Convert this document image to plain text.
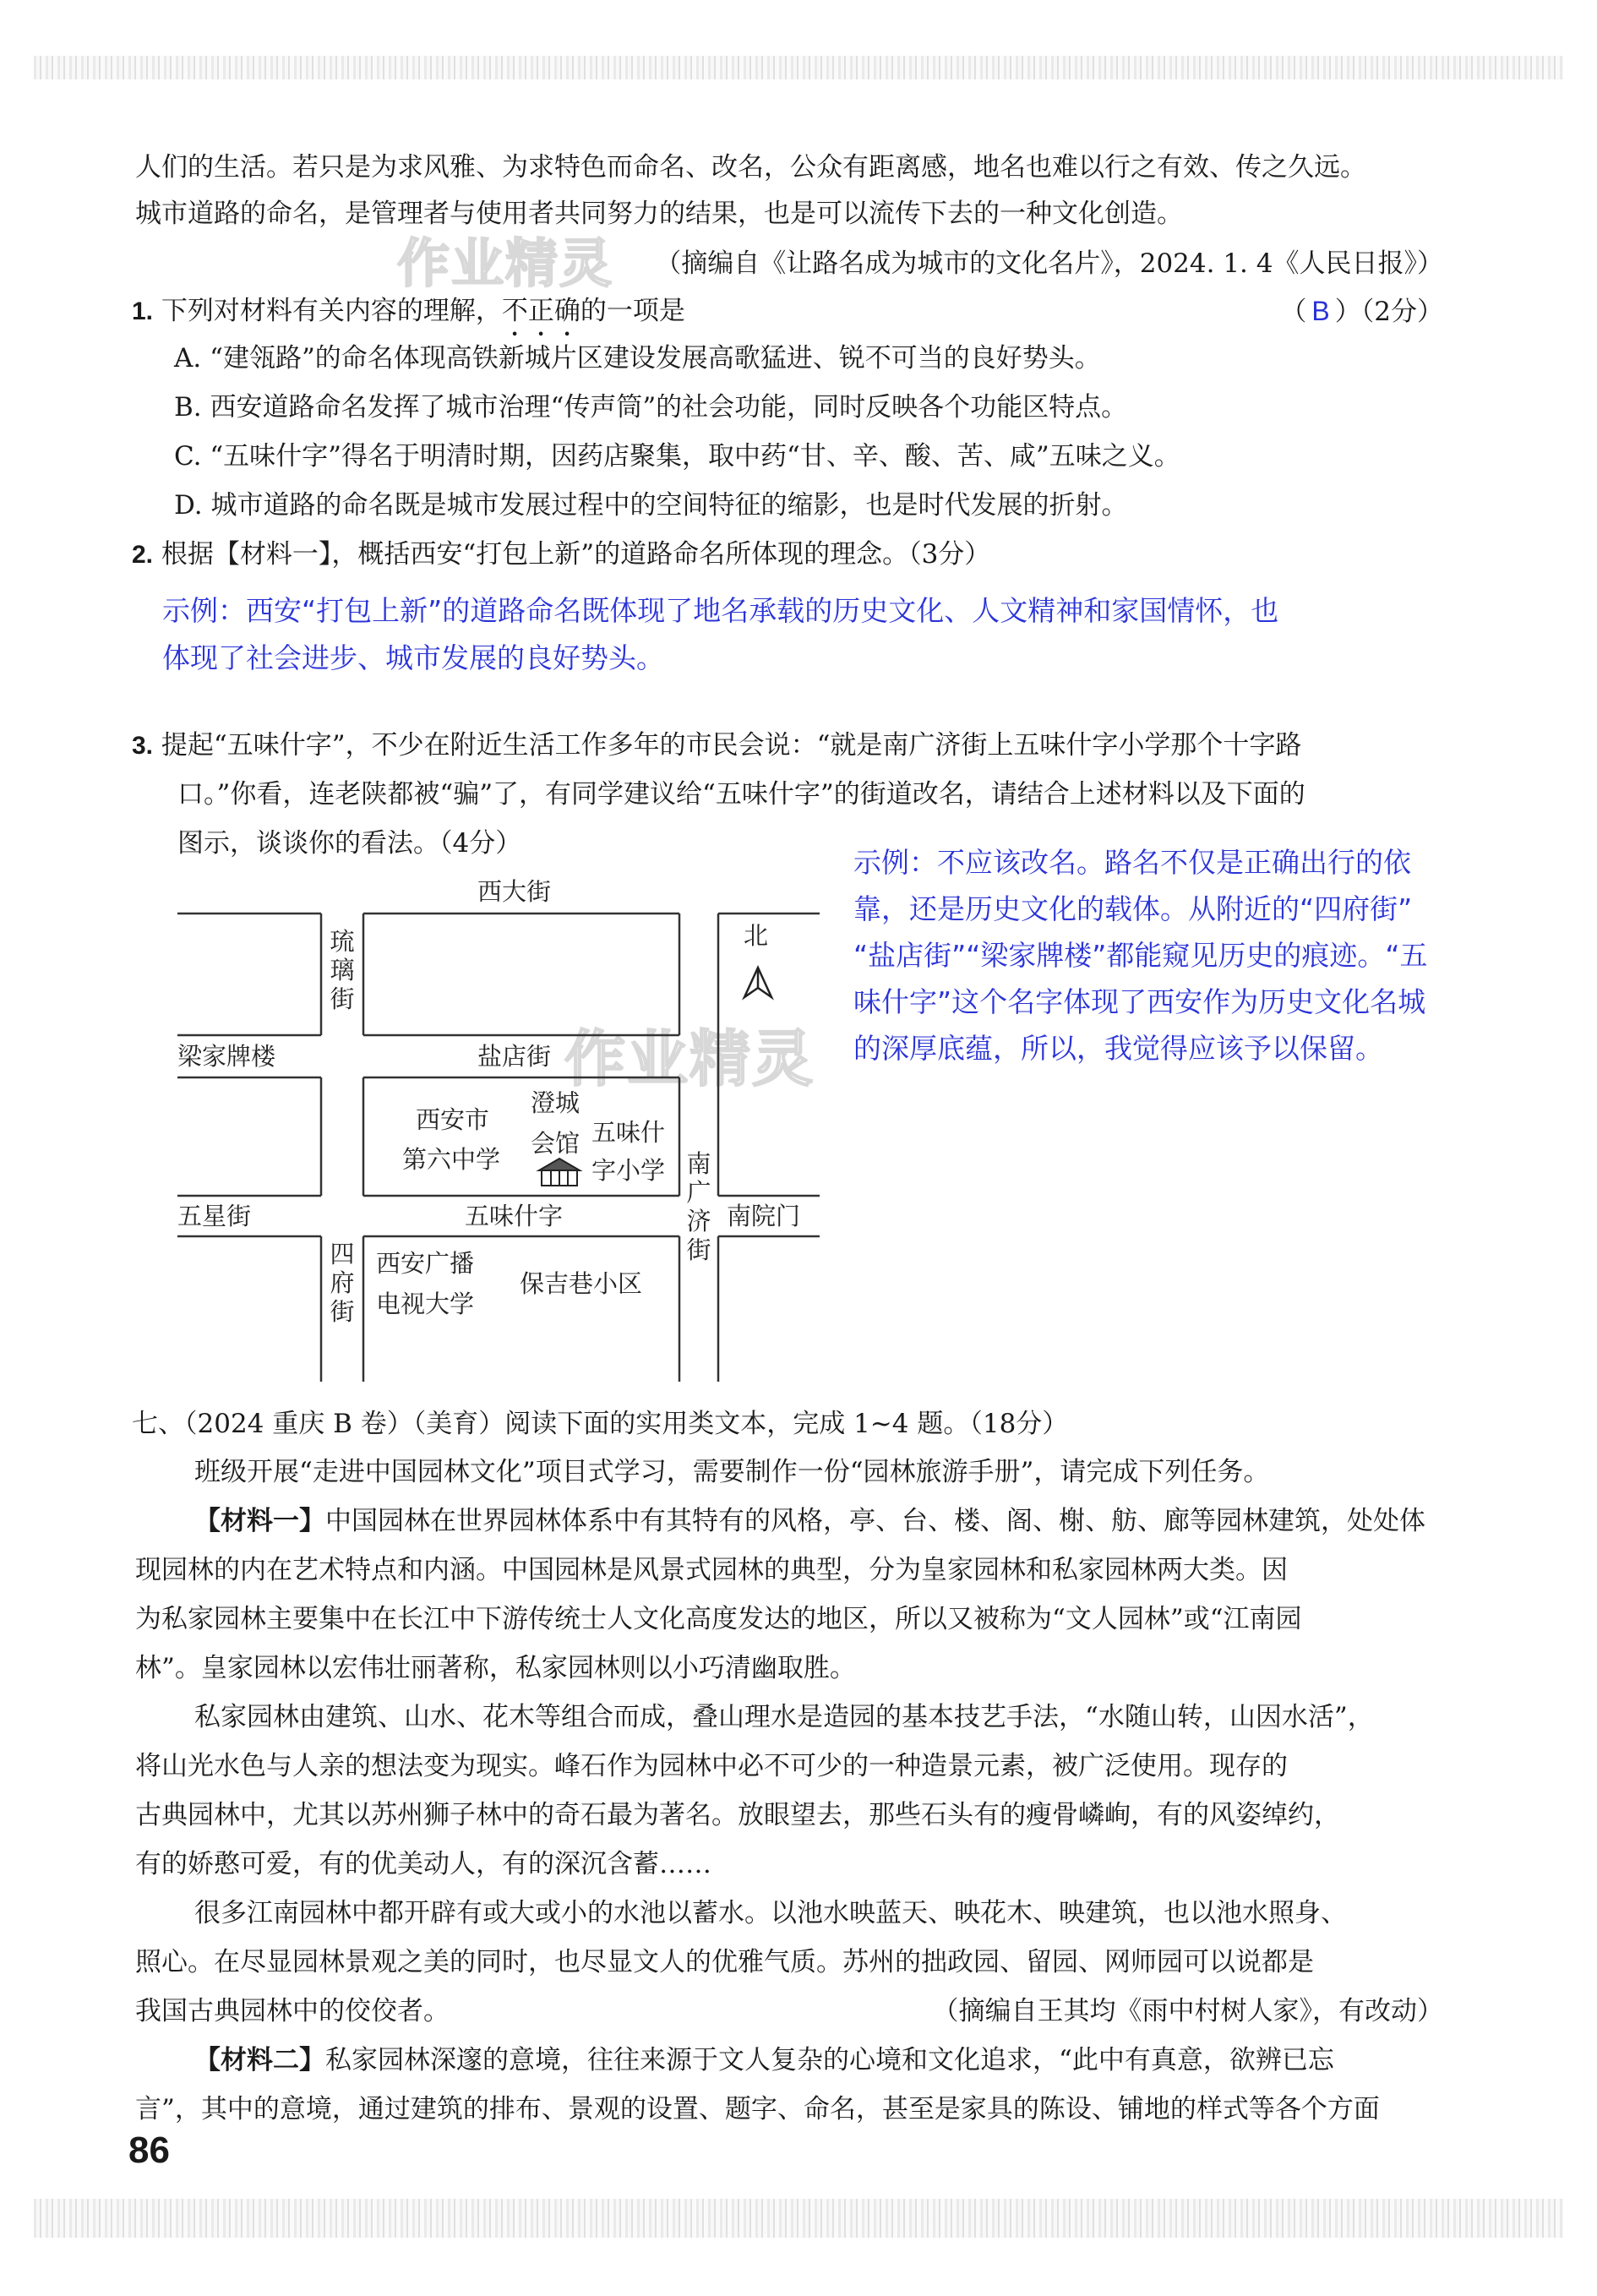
作业精灵
作业精灵
人们的生活。若只是为求风雅、为求特色而命名、改名，公众有距离感，地名也难以行之有效、传之久远。
城市道路的命名，是管理者与使用者共同努力的结果，也是可以流传下去的一种文化创造。
（摘编自《让路名成为城市的文化名片》，2024. 1. 4《人民日报》）
1. 下列对材料有关内容的理解，不正确的一项是	（ B ）（2分）
A. “建瓴路”的命名体现高铁新城片区建设发展高歌猛进、锐不可当的良好势头。
B. 西安道路命名发挥了城市治理“传声筒”的社会功能，同时反映各个功能区特点。
C. “五味什字”得名于明清时期，因药店聚集，取中药“甘、辛、酸、苦、咸”五味之义。
D. 城市道路的命名既是城市发展过程中的空间特征的缩影，也是时代发展的折射。
2. 根据【材料一】，概括西安“打包上新”的道路命名所体现的理念。（3分）
示例：西安“打包上新”的道路命名既体现了地名承载的历史文化、人文精神和家国情怀，也
体现了社会进步、城市发展的良好势头。
3. 提起“五味什字”，不少在附近生活工作多年的市民会说：“就是南广济街上五味什字小学那个十字路
口。”你看，连老陕都被“骗”了，有同学建议给“五味什字”的街道改名，请结合上述材料以及下面的
图示，谈谈你的看法。（4分）
示例：不应该改名。路名不仅是正确出行的依
靠，还是历史文化的载体。从附近的“四府街”
“盐店街”“梁家牌楼”都能窥见历史的痕迹。“五
味什字”这个名字体现了西安作为历史文化名城
的深厚底蕴，所以，我觉得应该予以保留。
西大街
琉璃街
北
梁家牌楼	盐店街
西安市
第六中学
澄城
会馆 五味什
字小学 南广济街
五星街	五味什字	南院门
四府街
西安广播
电视大学
保吉巷小区
七、（2024 重庆 B 卷）（美育）阅读下面的实用类文本，完成 1~4 题。（18分）
班级开展“走进中国园林文化”项目式学习，需要制作一份“园林旅游手册”，请完成下列任务。
【材料一】中国园林在世界园林体系中有其特有的风格，亭、台、楼、阁、榭、舫、廊等园林建筑，处处体
现园林的内在艺术特点和内涵。中国园林是风景式园林的典型，分为皇家园林和私家园林两大类。因
为私家园林主要集中在长江中下游传统士人文化高度发达的地区，所以又被称为“文人园林”或“江南园
林”。皇家园林以宏伟壮丽著称，私家园林则以小巧清幽取胜。
私家园林由建筑、山水、花木等组合而成，叠山理水是造园的基本技艺手法，“水随山转，山因水活”，
将山光水色与人亲的想法变为现实。峰石作为园林中必不可少的一种造景元素，被广泛使用。现存的
古典园林中，尤其以苏州狮子林中的奇石最为著名。放眼望去，那些石头有的瘦骨嶙峋，有的风姿绰约，
有的娇憨可爱，有的优美动人，有的深沉含蓄……
很多江南园林中都开辟有或大或小的水池以蓄水。以池水映蓝天、映花木、映建筑，也以池水照身、
照心。在尽显园林景观之美的同时，也尽显文人的优雅气质。苏州的拙政园、留园、网师园可以说都是
我国古典园林中的佼佼者。	（摘编自王其均《雨中村树人家》，有改动）
【材料二】私家园林深邃的意境，往往来源于文人复杂的心境和文化追求，“此中有真意，欲辨已忘
言”，其中的意境，通过建筑的排布、景观的设置、题字、命名，甚至是家具的陈设、铺地的样式等各个方面
86
